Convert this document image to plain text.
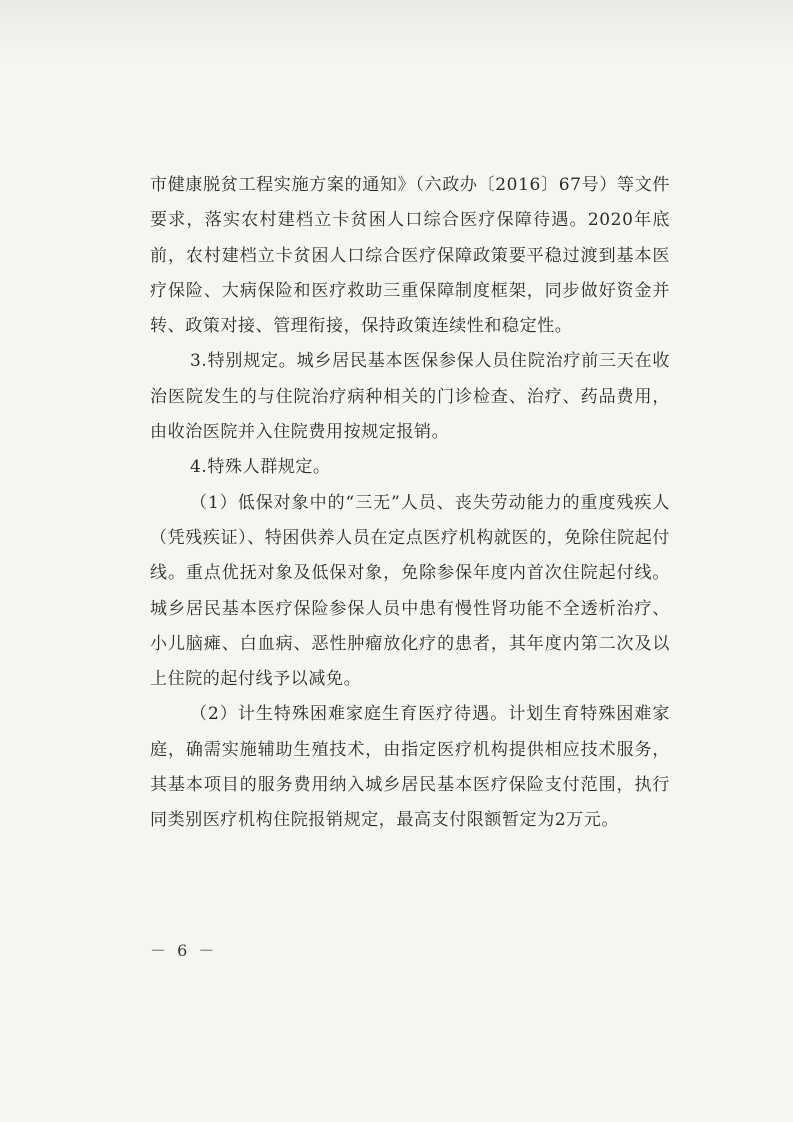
市健康脱贫工程实施方案的通知》（六政办〔2016〕67号）等文件要求，落实农村建档立卡贫困人口综合医疗保障待遇。2020年底前，农村建档立卡贫困人口综合医疗保障政策要平稳过渡到基本医疗保险、大病保险和医疗救助三重保障制度框架，同步做好资金并转、政策对接、管理衔接，保持政策连续性和稳定性。

3.特别规定。城乡居民基本医保参保人员住院治疗前三天在收治医院发生的与住院治疗病种相关的门诊检查、治疗、药品费用，由收治医院并入住院费用按规定报销。

4.特殊人群规定。

（1）低保对象中的“三无”人员、丧失劳动能力的重度残疾人（凭残疾证）、特困供养人员在定点医疗机构就医的，免除住院起付线。重点优抚对象及低保对象，免除参保年度内首次住院起付线。城乡居民基本医疗保险参保人员中患有慢性肾功能不全透析治疗、小儿脑瘫、白血病、恶性肿瘤放化疗的患者，其年度内第二次及以上住院的起付线予以减免。

（2）计生特殊困难家庭生育医疗待遇。计划生育特殊困难家庭，确需实施辅助生殖技术，由指定医疗机构提供相应技术服务，其基本项目的服务费用纳入城乡居民基本医疗保险支付范围，执行同类别医疗机构住院报销规定，最高支付限额暂定为2万元。

－ 6 －
